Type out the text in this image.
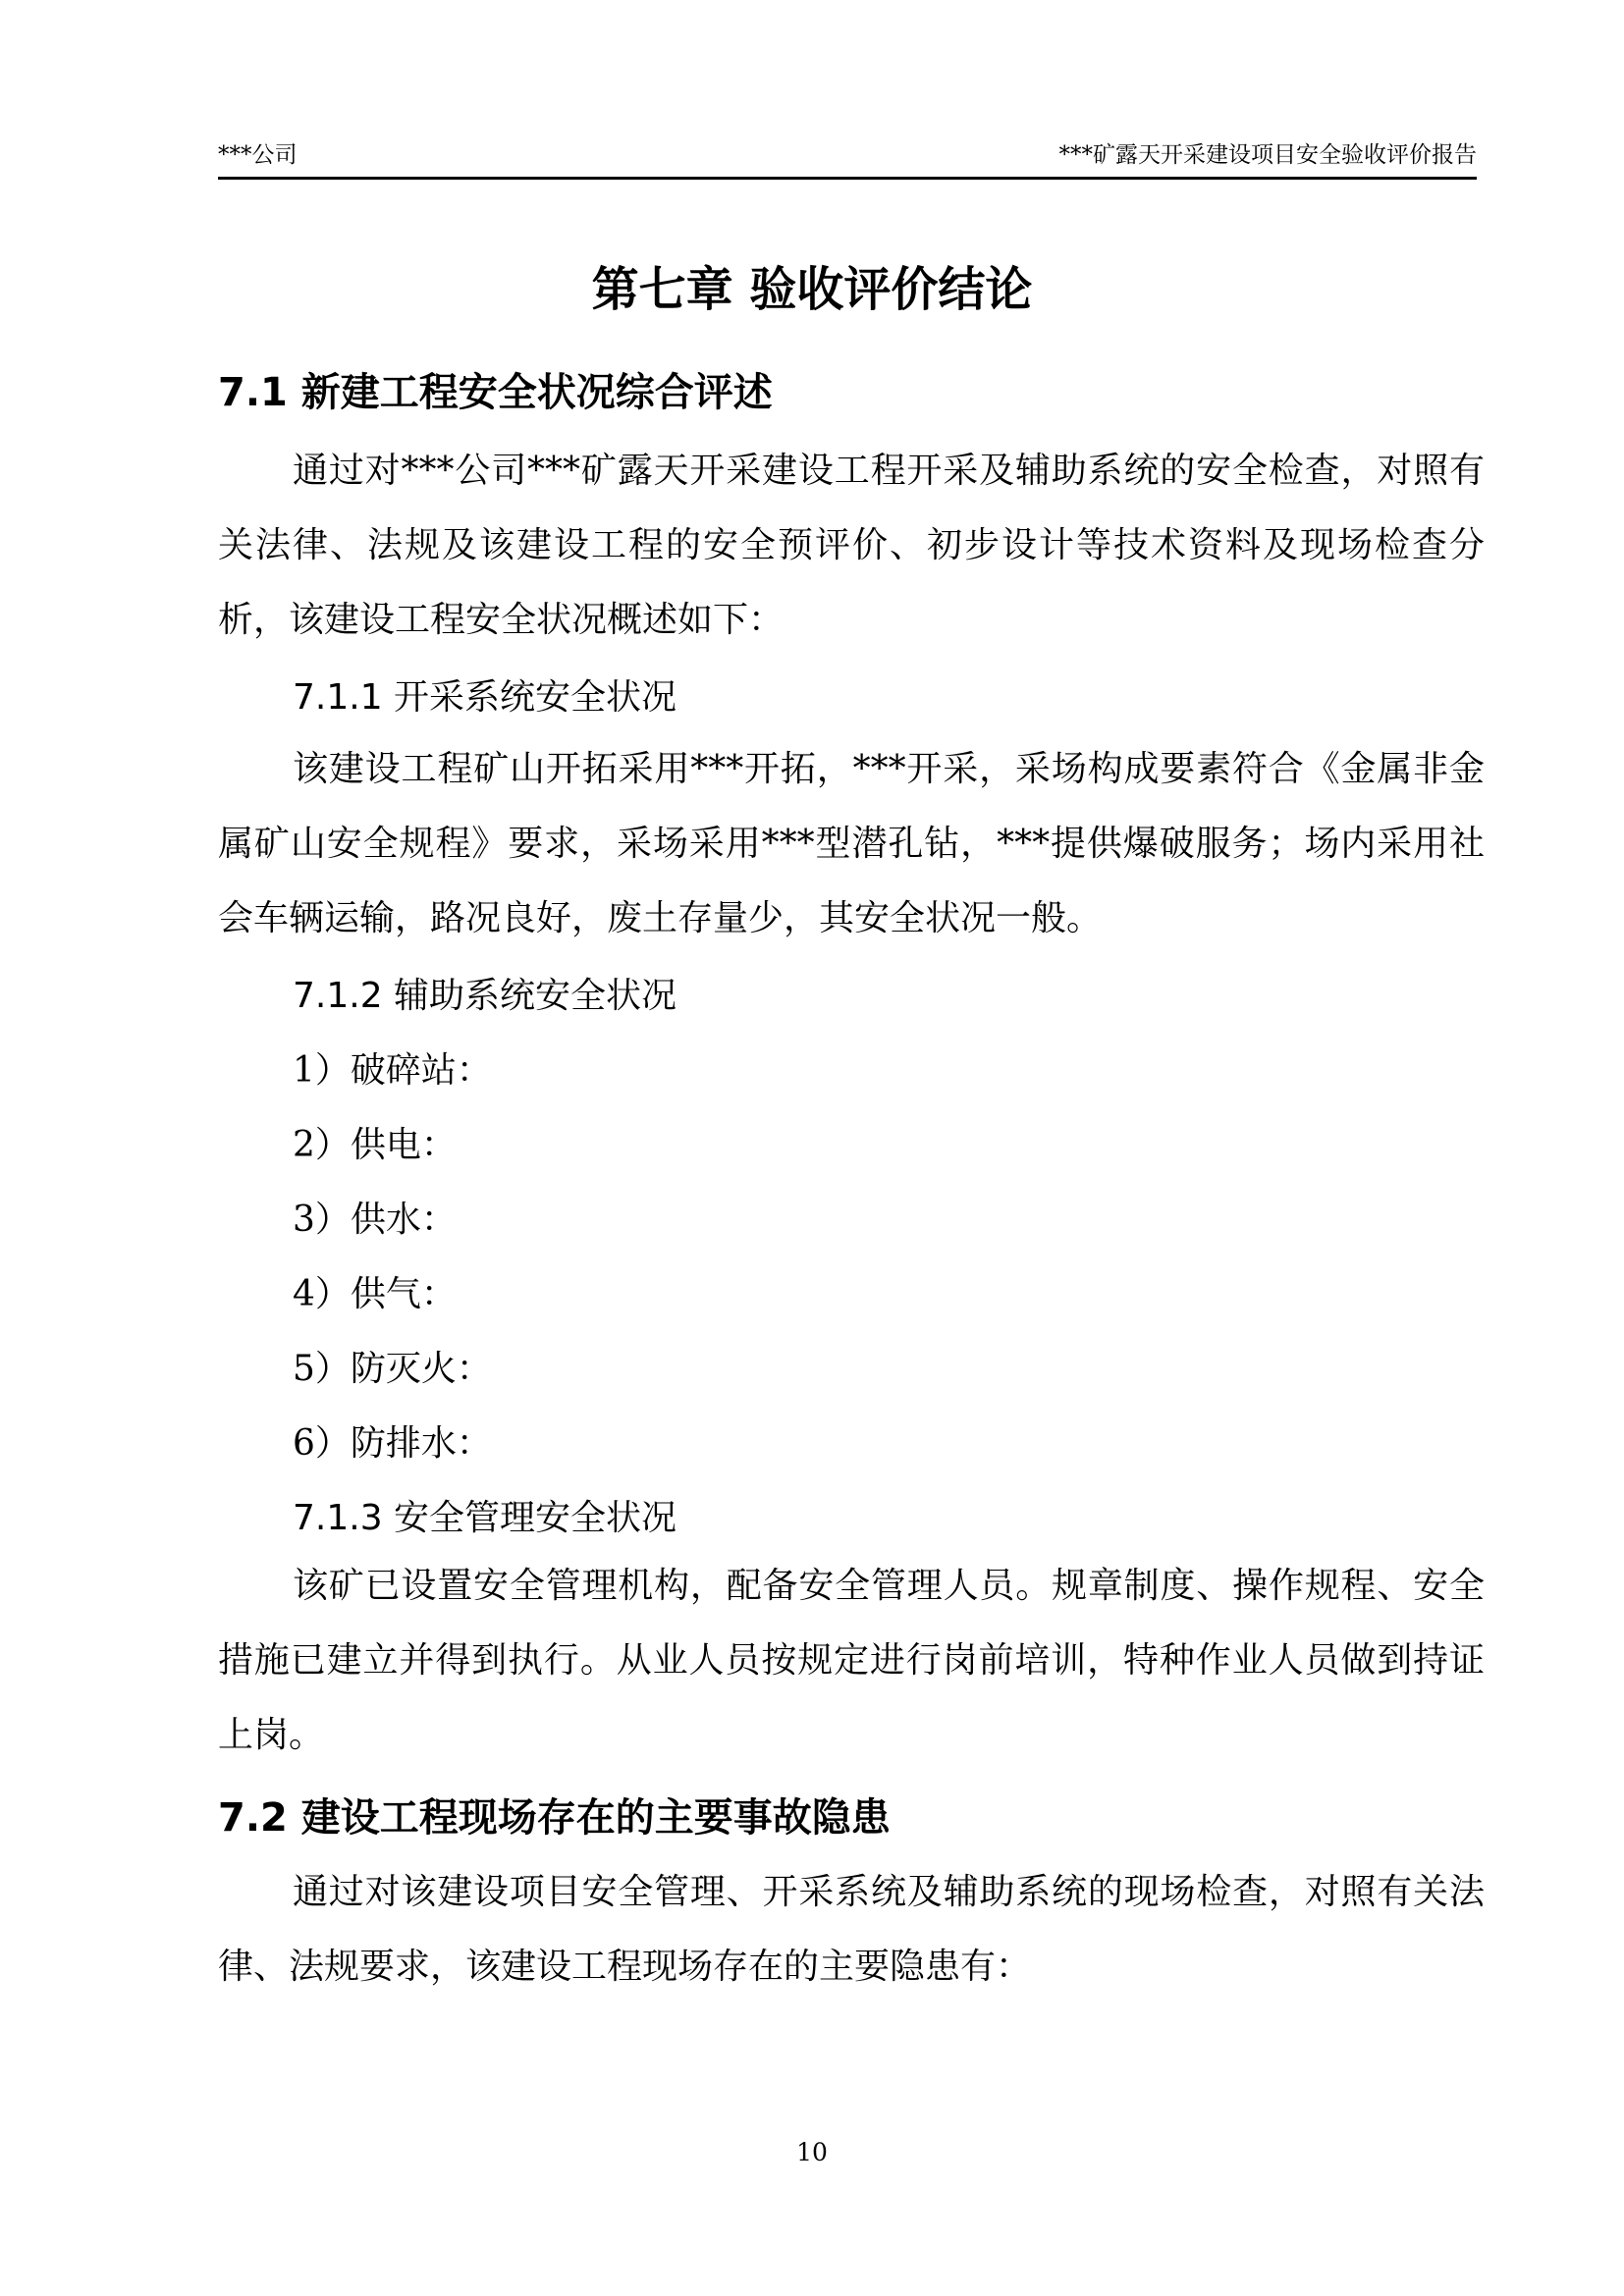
***公司	***矿露天开采建设项目安全验收评价报告
第七章 验收评价结论
7.1 新建工程安全状况综合评述
通过对***公司***矿露天开采建设工程开采及辅助系统的安全检查，对照有关法律、法规及该建设工程的安全预评价、初步设计等技术资料及现场检查分析，该建设工程安全状况概述如下：
7.1.1 开采系统安全状况
该建设工程矿山开拓采用***开拓，***开采，采场构成要素符合《金属非金属矿山安全规程》要求，采场采用***型潜孔钻，***提供爆破服务；场内采用社会车辆运输，路况良好，废土存量少，其安全状况一般。
7.1.2 辅助系统安全状况
1）破碎站：
2）供电：
3）供水：
4）供气：
5）防灭火：
6）防排水：
7.1.3 安全管理安全状况
该矿已设置安全管理机构，配备安全管理人员。规章制度、操作规程、安全措施已建立并得到执行。从业人员按规定进行岗前培训，特种作业人员做到持证上岗。
7.2 建设工程现场存在的主要事故隐患
通过对该建设项目安全管理、开采系统及辅助系统的现场检查，对照有关法律、法规要求，该建设工程现场存在的主要隐患有：
10
